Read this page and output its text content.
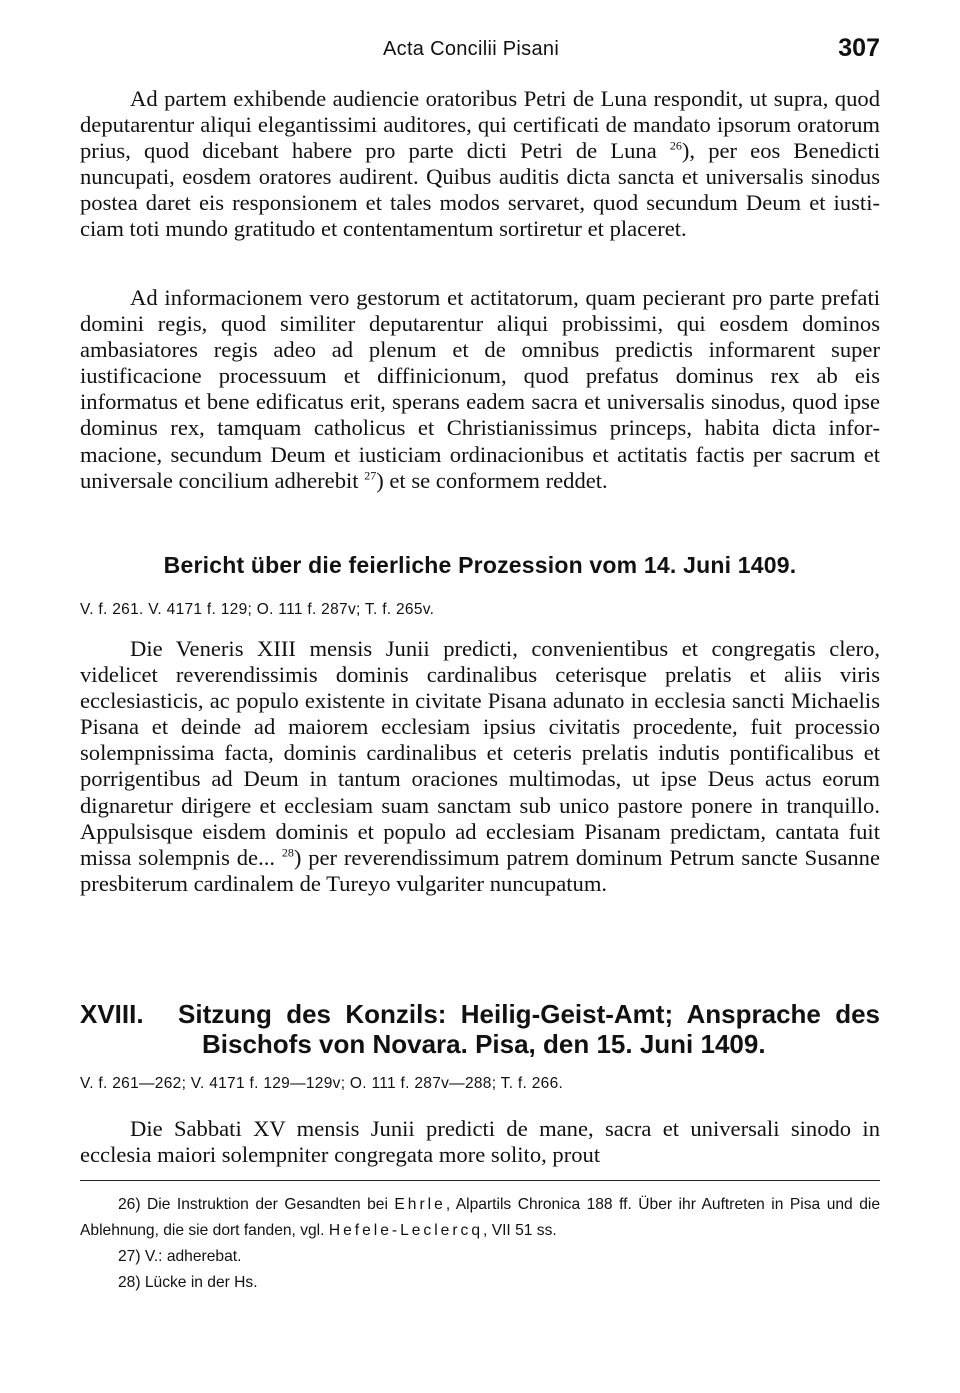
Acta Concilii Pisani	307

Ad partem exhibende audiencie oratoribus Petri de Luna respondit, ut supra, quod deputarentur aliqui elegantissimi auditores, qui certificati de mandato ipsorum oratorum prius, quod dicebant habere pro parte dicti Petri de Luna $^{26}$), per eos Benedicti nuncupati, eosdem oratores audirent. Quibus auditis dicta sancta et universalis sinodus postea daret eis responsionem et tales modos servaret, quod secundum Deum et iusticiam toti mundo gratitudo et contentamentum sortiretur et placeret.

Ad informacionem vero gestorum et actitatorum, quam pecierant pro parte prefati domini regis, quod similiter deputarentur aliqui probissimi, qui eosdem dominos ambasiatores regis adeo ad plenum et de omnibus predictis informarent super iustificacione processuum et diffinicionum, quod prefatus dominus rex ab eis informatus et bene edificatus erit, sperans eadem sacra et universalis sinodus, quod ipse dominus rex, tamquam catholicus et Christianissimus princeps, habita dicta informacione, secundum Deum et iusticiam ordinacionibus et actitatis factis per sacrum et universale concilium adherebit $^{27}$) et se conformem reddet.

Bericht über die feierliche Prozession vom 14. Juni 1409.
V. f. 261. V. 4171 f. 129; O. 111 f. 287v; T. f. 265v.

Die Veneris XIII mensis Junii predicti, convenientibus et congregatis clero, videlicet reverendissimis dominis cardinalibus ceterisque prelatis et aliis viris ecclesiasticis, ac populo existente in civitate Pisana adunato in ecclesia sancti Michaelis Pisana et deinde ad maiorem ecclesiam ipsius civitatis procedente, fuit processio solempnissima facta, dominis cardinalibus et ceteris prelatis indutis pontificalibus et porrigentibus ad Deum in tantum oraciones multimodas, ut ipse Deus actus eorum dignaretur dirigere et ecclesiam suam sanctam sub unico pastore ponere in tranquillo. Appulsisque eisdem dominis et populo ad ecclesiam Pisanam predictam, cantata fuit missa solempnis de... $^{28}$) per reverendissimum patrem dominum Petrum sancte Susanne presbiterum cardinalem de Tureyo vulgariter nuncupatum.

XVIII. Sitzung des Konzils: Heilig-Geist-Amt; Ansprache des
Bischofs von Novara. Pisa, den 15. Juni 1409.
V. f. 261—262; V. 4171 f. 129—129v; O. 111 f. 287v—288; T. f. 266.

Die Sabbati XV mensis Junii predicti de mane, sacra et universali sinodo in ecclesia maiori solempniter congregata more solito, prout

26) Die Instruktion der Gesandten bei Ehrle, Alpartils Chronica 188 ff. Über ihr Auftreten in Pisa und die Ablehnung, die sie dort fanden, vgl. Hefele-Leclercq, VII 51 ss.

27) V.: adherebat.

28) Lücke in der Hs.
